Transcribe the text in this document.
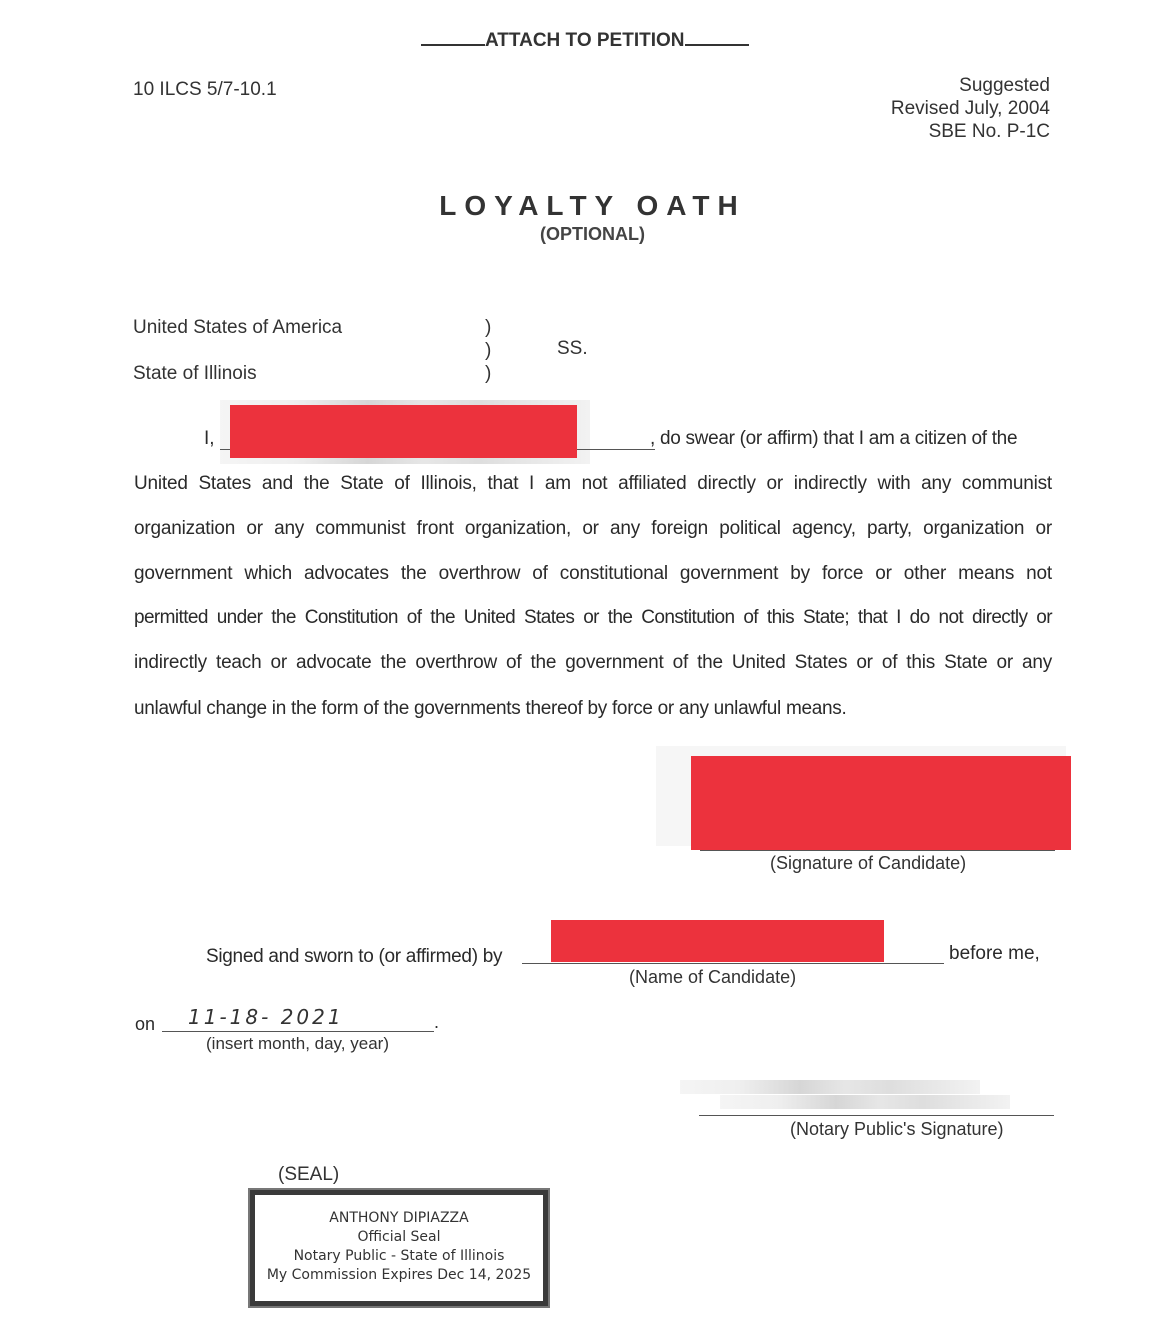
ATTACH TO PETITION
10 ILCS 5/7-10.1	Suggested
Revised July, 2004
SBE No. P-1C
LOYALTY OATH
(OPTIONAL)
United States of America
State of Illinois
)
)
)
SS.
I,	, do swear (or affirm) that I am a citizen of the
United States and the State of Illinois, that I am not affiliated directly or indirectly with any communist
organization or any communist front organization, or any foreign political agency, party, organization or
government which advocates the overthrow of constitutional government by force or other means not
permitted under the Constitution of the United States or the Constitution of this State; that I do not directly or
indirectly teach or advocate the overthrow of the government of the United States or of this State or any
unlawful change in the form of the governments thereof by force or any unlawful means.
(Signature of Candidate)
Signed and sworn to (or affirmed) by	before me,
(Name of Candidate)
on 11-18- 2021	.
(insert month, day, year)
(Notary Public's Signature)
(SEAL)
ANTHONY DIPIAZZA
Official Seal
Notary Public - State of Illinois
My Commission Expires Dec 14, 2025
